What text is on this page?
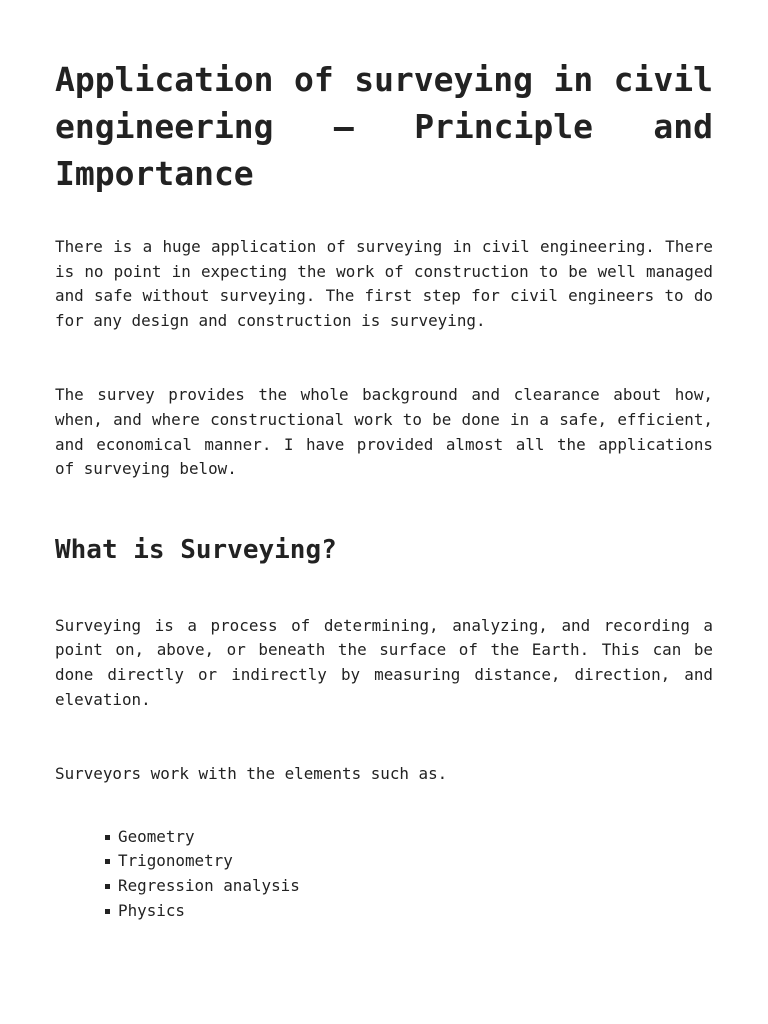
Application of surveying in civil engineering – Principle and Importance

There is a huge application of surveying in civil engineering. There is no point in expecting the work of construction to be well managed and safe without surveying. The first step for civil engineers to do for any design and construction is surveying.

The survey provides the whole background and clearance about how, when, and where constructional work to be done in a safe, efficient, and economical manner. I have provided almost all the applications of surveying below.

What is Surveying?

Surveying is a process of determining, analyzing, and recording a point on, above, or beneath the surface of the Earth. This can be done directly or indirectly by measuring distance, direction, and elevation.

Surveyors work with the elements such as.

Geometry
Trigonometry
Regression analysis
Physics
